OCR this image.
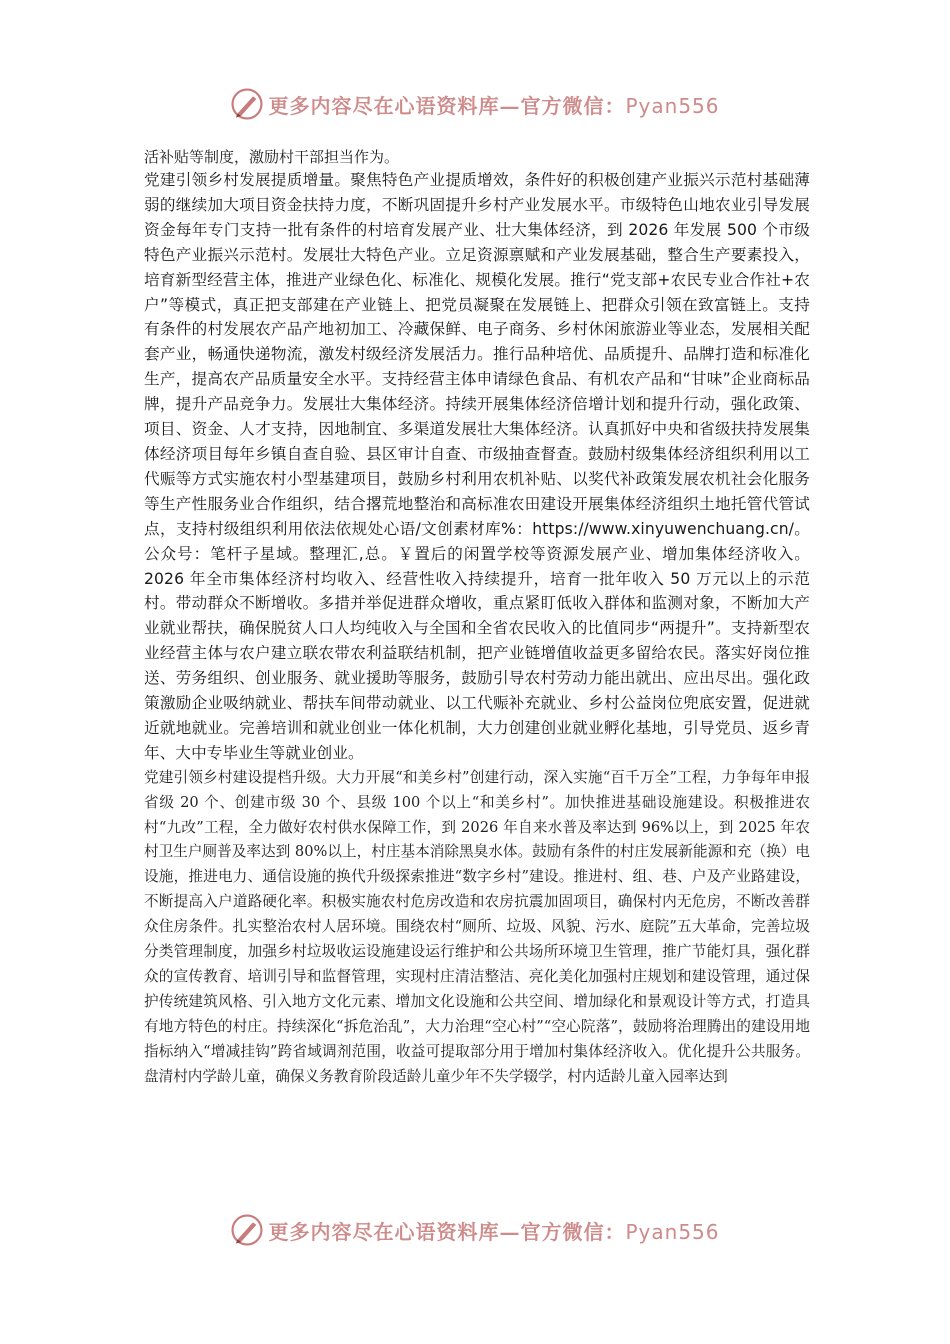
更多内容尽在心语资料库—官方微信：Pyan556

活补贴等制度，激励村干部担当作为。

党建引领乡村发展提质增量。聚焦特色产业提质增效，条件好的积极创建产业振兴示范村基础薄弱的继续加大项目资金扶持力度，不断巩固提升乡村产业发展水平。市级特色山地农业引导发展资金每年专门支持一批有条件的村培育发展产业、壮大集体经济，到 2026 年发展 500 个市级特色产业振兴示范村。发展壮大特色产业。立足资源禀赋和产业发展基础，整合生产要素投入，培育新型经营主体，推进产业绿色化、标准化、规模化发展。推行“党支部+农民专业合作社+农户”等模式，真正把支部建在产业链上、把党员凝聚在发展链上、把群众引领在致富链上。支持有条件的村发展农产品产地初加工、冷藏保鲜、电子商务、乡村休闲旅游业等业态，发展相关配套产业，畅通快递物流，激发村级经济发展活力。推行品种培优、品质提升、品牌打造和标准化生产，提高农产品质量安全水平。支持经营主体申请绿色食品、有机农产品和“甘味”企业商标品牌，提升产品竞争力。发展壮大集体经济。持续开展集体经济倍增计划和提升行动，强化政策、项目、资金、人才支持，因地制宜、多渠道发展壮大集体经济。认真抓好中央和省级扶持发展集体经济项目每年乡镇自查自验、县区审计自查、市级抽查督查。鼓励村级集体经济组织利用以工代赈等方式实施农村小型基建项目，鼓励乡村利用农机补贴、以奖代补政策发展农机社会化服务等生产性服务业合作组织，结合撂荒地整治和高标准农田建设开展集体经济组织土地托管代管试点，支持村级组织利用依法依规处心语/文创素材库%：https://www.xinyuwenchuang.cn/。公众号：笔杆子星域。整理汇,总。￥置后的闲置学校等资源发展产业、增加集体经济收入。2026 年全市集体经济村均收入、经营性收入持续提升，培育一批年收入 50 万元以上的示范村。带动群众不断增收。多措并举促进群众增收，重点紧盯低收入群体和监测对象，不断加大产业就业帮扶，确保脱贫人口人均纯收入与全国和全省农民收入的比值同步“两提升”。支持新型农业经营主体与农户建立联农带农利益联结机制，把产业链增值收益更多留给农民。落实好岗位推送、劳务组织、创业服务、就业援助等服务，鼓励引导农村劳动力能出就出、应出尽出。强化政策激励企业吸纳就业、帮扶车间带动就业、以工代赈补充就业、乡村公益岗位兜底安置，促进就近就地就业。完善培训和就业创业一体化机制，大力创建创业就业孵化基地，引导党员、返乡青年、大中专毕业生等就业创业。

党建引领乡村建设提档升级。大力开展“和美乡村”创建行动，深入实施“百千万全”工程，力争每年申报省级 20 个、创建市级 30 个、县级 100 个以上“和美乡村”。加快推进基础设施建设。积极推进农村“九改”工程，全力做好农村供水保障工作，到 2026 年自来水普及率达到 96%以上，到 2025 年农村卫生户厕普及率达到 80%以上，村庄基本消除黑臭水体。鼓励有条件的村庄发展新能源和充（换）电设施，推进电力、通信设施的换代升级探索推进“数字乡村”建设。推进村、组、巷、户及产业路建设，不断提高入户道路硬化率。积极实施农村危房改造和农房抗震加固项目，确保村内无危房，不断改善群众住房条件。扎实整治农村人居环境。围绕农村“厕所、垃圾、风貌、污水、庭院”五大革命，完善垃圾分类管理制度，加强乡村垃圾收运设施建设运行维护和公共场所环境卫生管理，推广节能灯具，强化群众的宣传教育、培训引导和监督管理，实现村庄清洁整洁、亮化美化加强村庄规划和建设管理，通过保护传统建筑风格、引入地方文化元素、增加文化设施和公共空间、增加绿化和景观设计等方式，打造具有地方特色的村庄。持续深化“拆危治乱”，大力治理“空心村”“空心院落”，鼓励将治理腾出的建设用地指标纳入“增减挂钩”跨省域调剂范围，收益可提取部分用于增加村集体经济收入。优化提升公共服务。盘清村内学龄儿童，确保义务教育阶段适龄儿童少年不失学辍学，村内适龄儿童入园率达到

更多内容尽在心语资料库—官方微信：Pyan556
